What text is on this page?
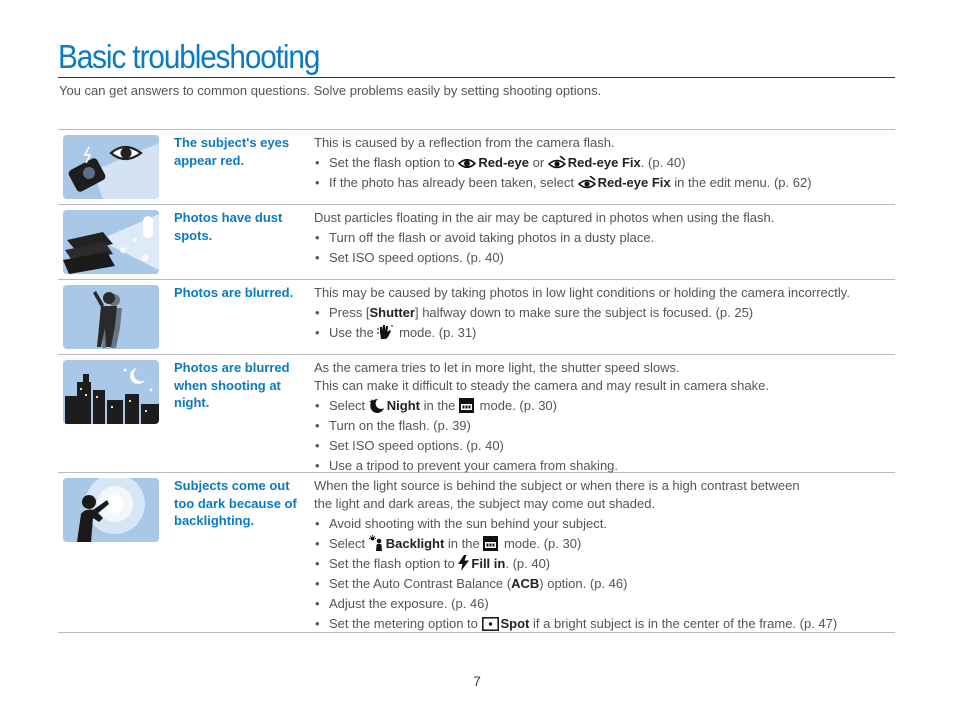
Basic troubleshooting
You can get answers to common questions. Solve problems easily by setting shooting options.
The subject's eyes appear red.

This is caused by a reflection from the camera flash.

• Set the flash option to Red-eye or Red-eye Fix. (p. 40)
• If the photo has already been taken, select Red-eye Fix in the edit menu. (p. 62)
Photos have dust spots.

Dust particles floating in the air may be captured in photos when using the flash.

• Turn off the flash or avoid taking photos in a dusty place.
• Set ISO speed options. (p. 40)
Photos are blurred.	This may be caused by taking photos in low light conditions or holding the camera incorrectly.

• Press [Shutter] halfway down to make sure the subject is focused. (p. 25)
• Use the mode. (p. 31)
Photos are blurred when shooting at night.

As the camera tries to let in more light, the shutter speed slows.

This can make it difficult to steady the camera and may result in camera shake.

• Select Night in the mode. (p. 30)
• Turn on the flash. (p. 39)
• Set ISO speed options. (p. 40)
• Use a tripod to prevent your camera from shaking.
Subjects come out too dark because of backlighting.

When the light source is behind the subject or when there is a high contrast between

the light and dark areas, the subject may come out shaded.

• Avoid shooting with the sun behind your subject.
• Select Backlight in the mode. (p. 30)
• Set the flash option to Fill in. (p. 40)
• Set the Auto Contrast Balance (ACB) option. (p. 46)
• Adjust the exposure. (p. 46)
• Set the metering option to Spot if a bright subject is in the center of the frame. (p. 47)
7
